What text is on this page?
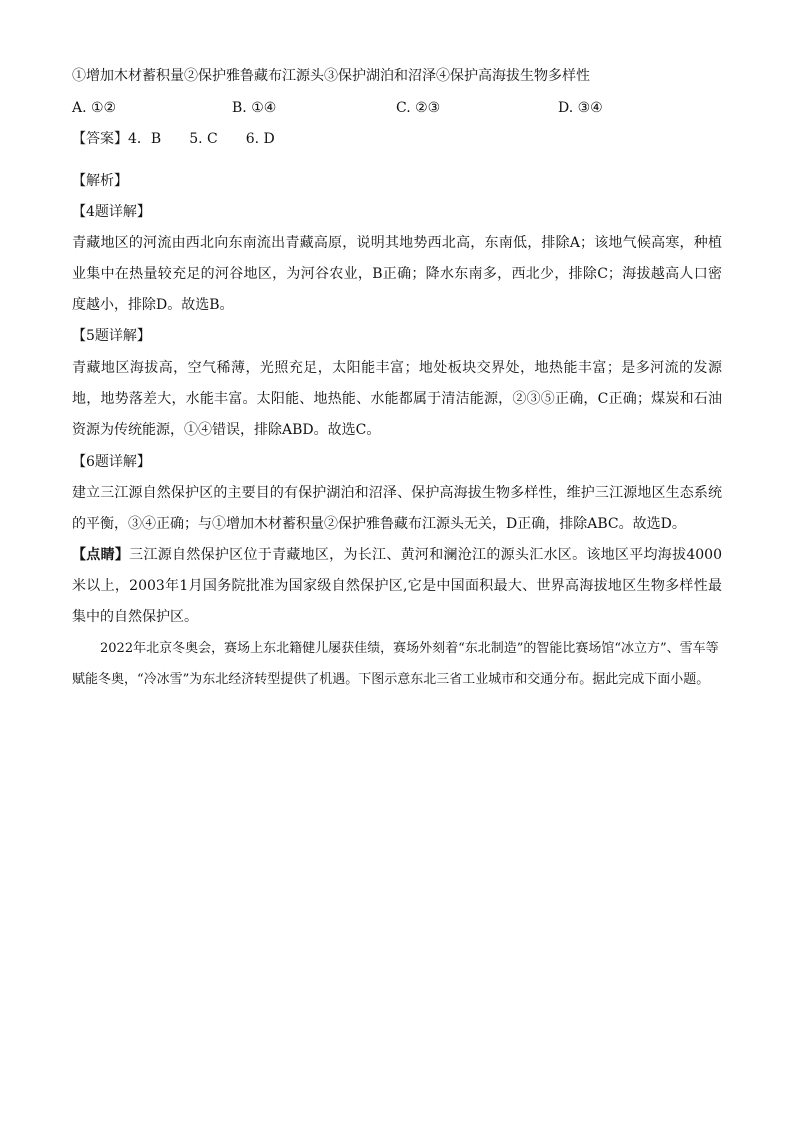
①增加木材蓄积量②保护雅鲁藏布江源头③保护湖泊和沼泽④保护高海拔生物多样性
A. ①②	B. ①④	C. ②③	D. ③④
【答案】4．B　　5. C　　6. D
【解析】
【4题详解】
青藏地区的河流由西北向东南流出青藏高原，说明其地势西北高，东南低，排除A；该地气候高寒，种植业集中在热量较充足的河谷地区，为河谷农业，B正确；降水东南多，西北少，排除C；海拔越高人口密度越小，排除D。故选B。
【5题详解】
青藏地区海拔高，空气稀薄，光照充足，太阳能丰富；地处板块交界处，地热能丰富；是多河流的发源地，地势落差大，水能丰富。太阳能、地热能、水能都属于清洁能源，②③⑤正确，C正确；煤炭和石油资源为传统能源，①④错误，排除ABD。故选C。
【6题详解】
建立三江源自然保护区的主要目的有保护湖泊和沼泽、保护高海拔生物多样性，维护三江源地区生态系统的平衡，③④正确；与①增加木材蓄积量②保护雅鲁藏布江源头无关，D正确，排除ABC。故选D。
【点睛】三江源自然保护区位于青藏地区，为长江、黄河和澜沧江的源头汇水区。该地区平均海拔4000米以上，2003年1月国务院批准为国家级自然保护区,它是中国面积最大、世界高海拔地区生物多样性最集中的自然保护区。
2022年北京冬奥会，赛场上东北籍健儿屡获佳绩，赛场外刻着“东北制造”的智能比赛场馆“冰立方”、雪车等赋能冬奥，“冷冰雪”为东北经济转型提供了机遇。下图示意东北三省工业城市和交通分布。据此完成下面小题。
